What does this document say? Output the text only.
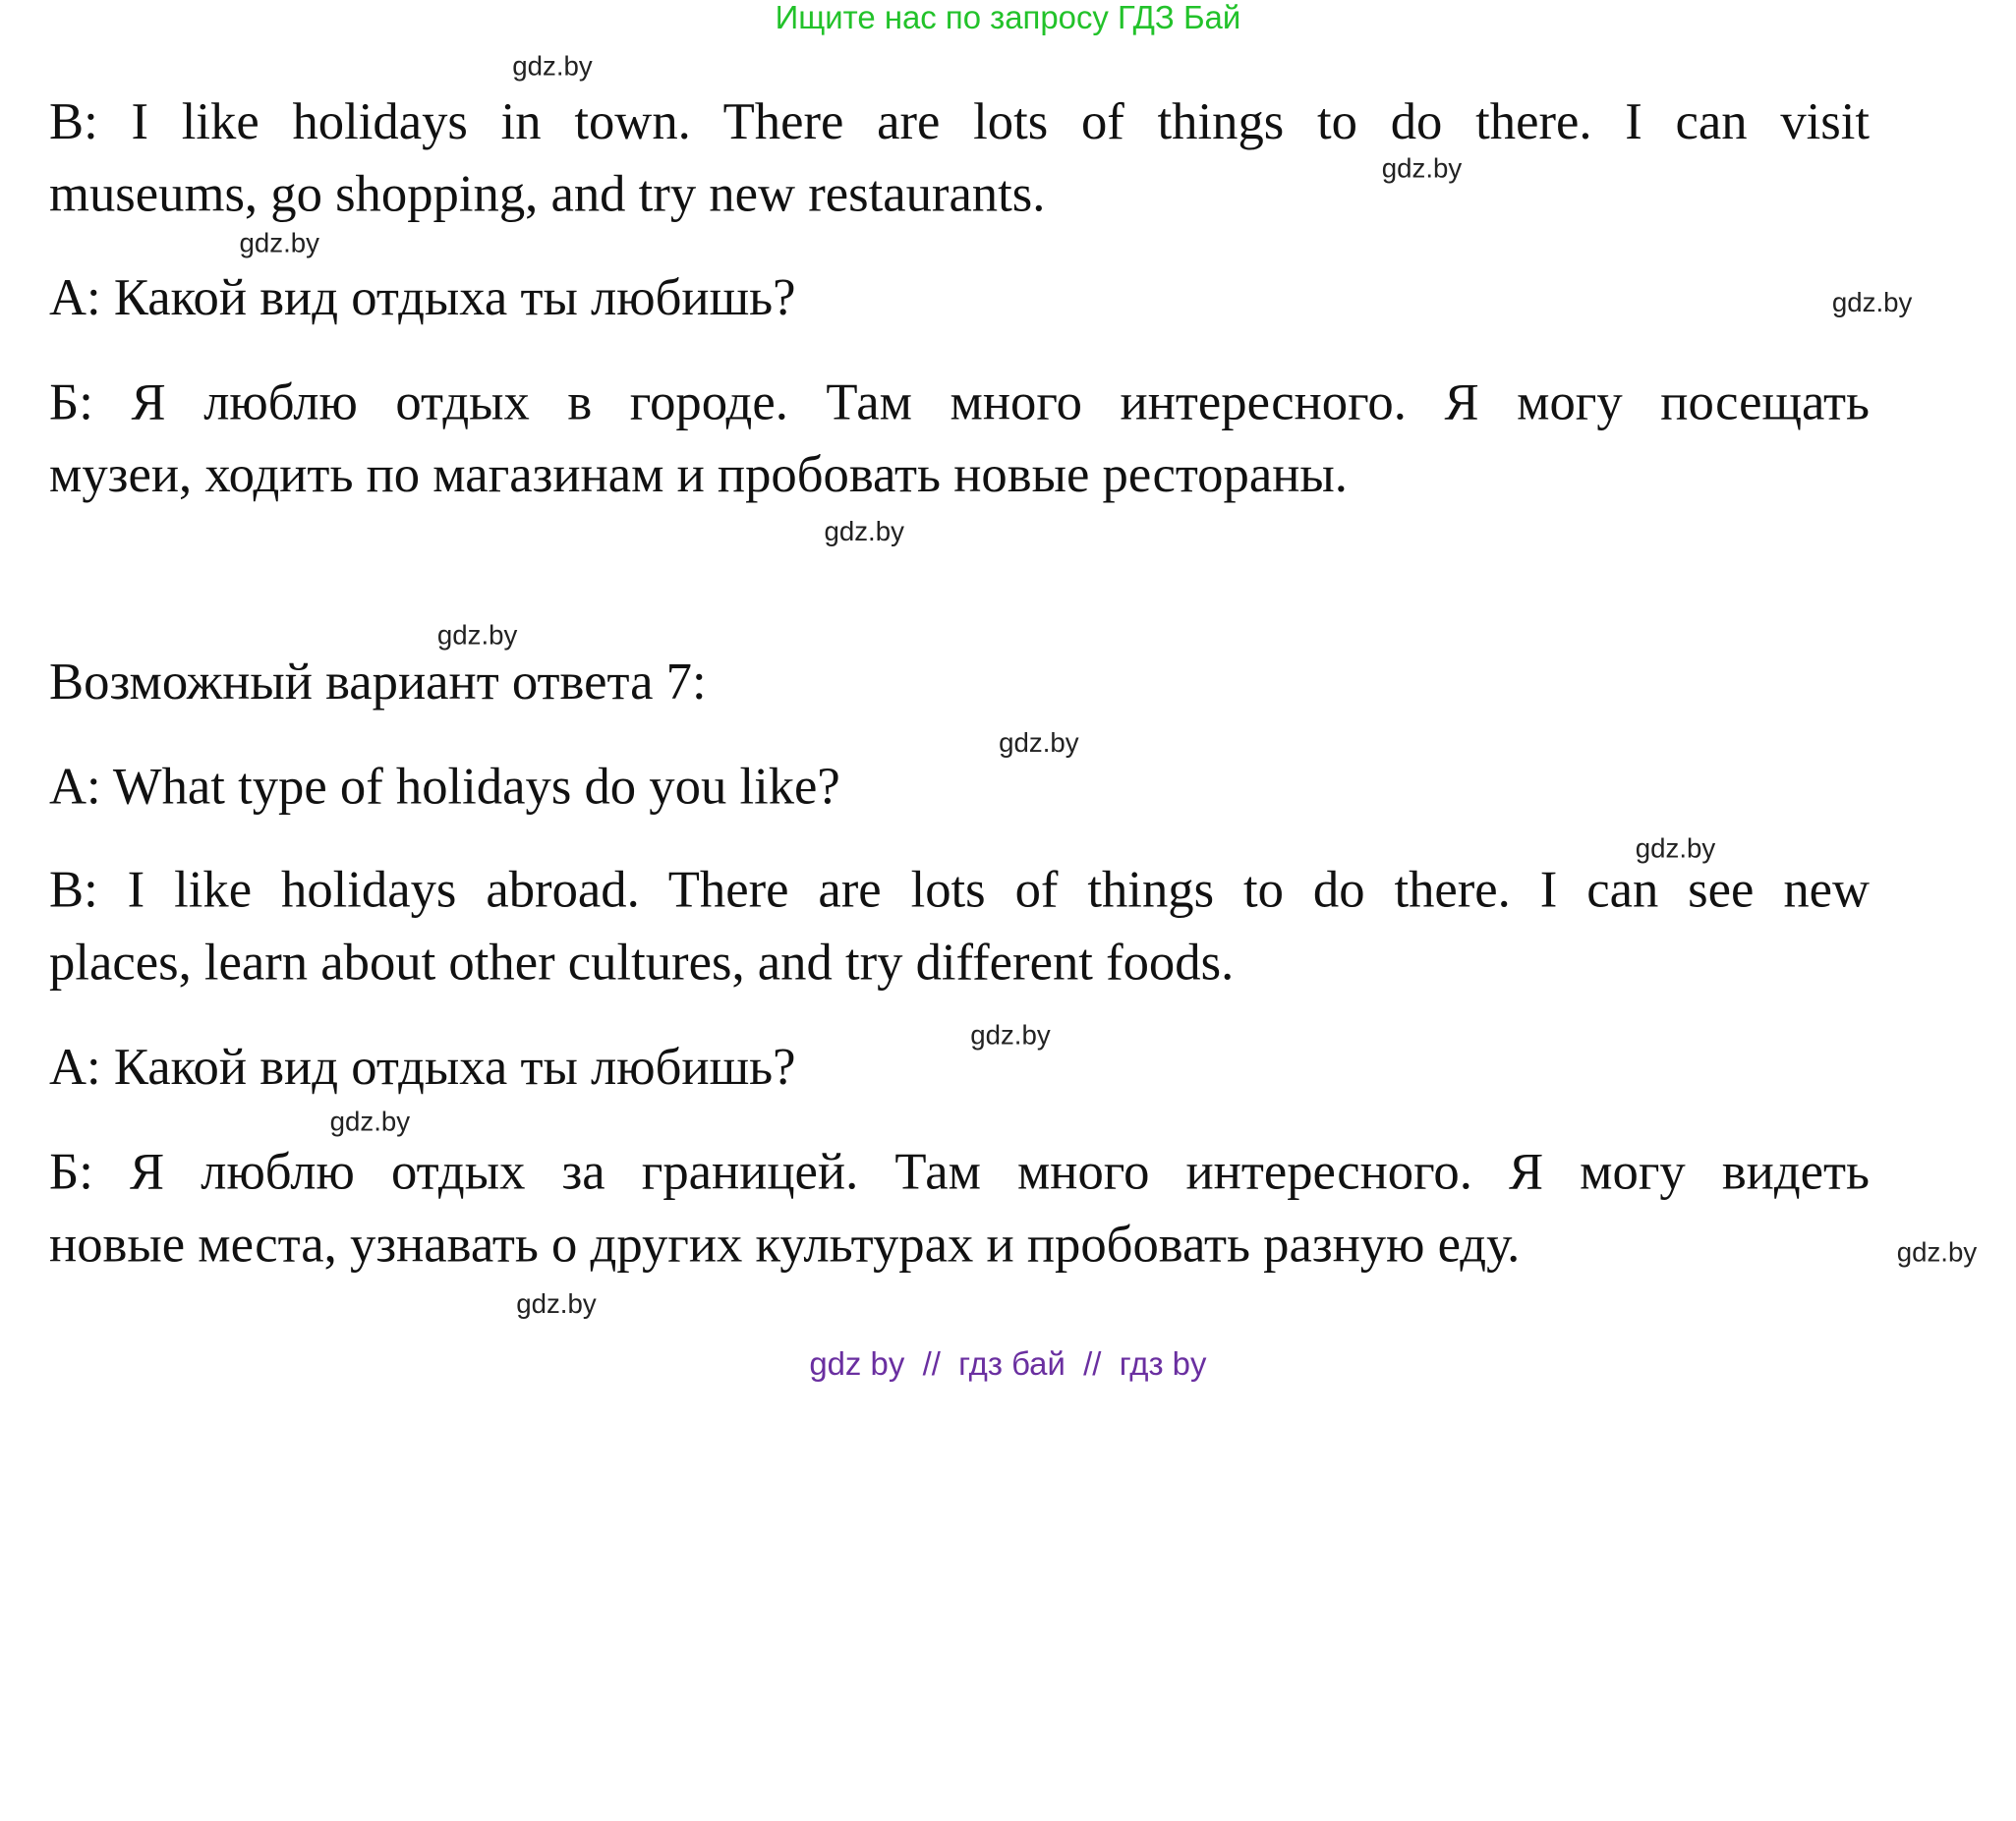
Ищите нас по запросу ГДЗ Бай
B: I like holidays in town. There are lots of things to do there. I can visit
museums, go shopping, and try new restaurants.
A: Какой вид отдыха ты любишь?
Б: Я люблю отдых в городе. Там много интересного. Я могу посещать
музеи, ходить по магазинам и пробовать новые рестораны.
Возможный вариант ответа 7:
A: What type of holidays do you like?
B: I like holidays abroad. There are lots of things to do there. I can see new
places, learn about other cultures, and try different foods.
A: Какой вид отдыха ты любишь?
Б: Я люблю отдых за границей. Там много интересного. Я могу видеть
новые места, узнавать о других культурах и пробовать разную еду.
gdz.by
gdz.by
gdz.by
gdz.by
gdz.by
gdz.by
gdz.by
gdz.by
gdz.by
gdz.by
gdz.by
gdz.by
gdz by  //  гдз бай  //  гдз by
